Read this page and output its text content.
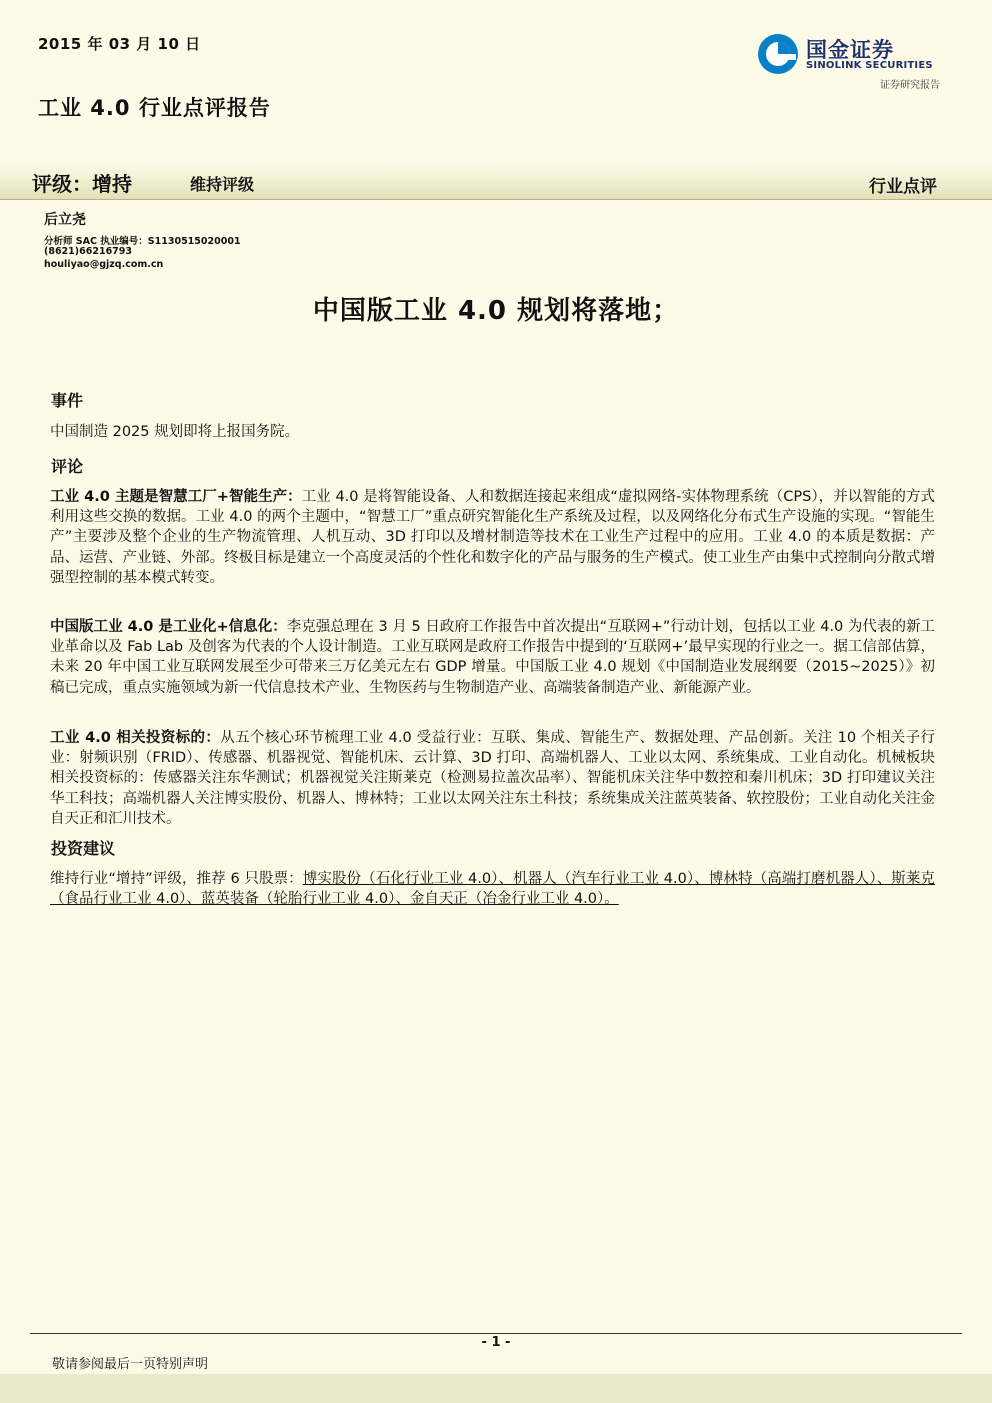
2015 年 03 月 10 日	国金证券
SINOLINK SECURITIES
证券研究报告
工业 4.0 行业点评报告
评级：增持	维持评级	行业点评
后立尧
分析师 SAC 执业编号：S1130515020001
(8621)66216793
houliyao@gjzq.com.cn
中国版工业 4.0 规划将落地；
事件
中国制造 2025 规划即将上报国务院。
评论
工业 4.0 主题是智慧工厂+智能生产：工业 4.0 是将智能设备、人和数据连接起来组成“虚拟网络-实体物理系统（CPS），并以智能的方式利用这些交换的数据。工业 4.0 的两个主题中，“智慧工厂”重点研究智能化生产系统及过程，以及网络化分布式生产设施的实现。“智能生产”主要涉及整个企业的生产物流管理、人机互动、3D 打印以及增材制造等技术在工业生产过程中的应用。工业 4.0 的本质是数据：产品、运营、产业链、外部。终极目标是建立一个高度灵活的个性化和数字化的产品与服务的生产模式。使工业生产由集中式控制向分散式增强型控制的基本模式转变。
中国版工业 4.0 是工业化+信息化：李克强总理在 3 月 5 日政府工作报告中首次提出“互联网+”行动计划，包括以工业 4.0 为代表的新工业革命以及 Fab Lab 及创客为代表的个人设计制造。工业互联网是政府工作报告中提到的‘互联网+’最早实现的行业之一。据工信部估算，未来 20 年中国工业互联网发展至少可带来三万亿美元左右 GDP 增量。中国版工业 4.0 规划《中国制造业发展纲要（2015~2025）》初稿已完成，重点实施领域为新一代信息技术产业、生物医药与生物制造产业、高端装备制造产业、新能源产业。
工业 4.0 相关投资标的：从五个核心环节梳理工业 4.0 受益行业：互联、集成、智能生产、数据处理、产品创新。关注 10 个相关子行业：射频识别（FRID）、传感器、机器视觉、智能机床、云计算、3D 打印、高端机器人、工业以太网、系统集成、工业自动化。机械板块相关投资标的：传感器关注东华测试；机器视觉关注斯莱克（检测易拉盖次品率）、智能机床关注华中数控和秦川机床；3D 打印建议关注华工科技；高端机器人关注博实股份、机器人、博林特；工业以太网关注东土科技；系统集成关注蓝英装备、软控股份；工业自动化关注金自天正和汇川技术。
投资建议
维持行业“增持”评级，推荐 6 只股票：博实股份（石化行业工业 4.0）、机器人（汽车行业工业 4.0）、博林特（高端打磨机器人）、斯莱克（食品行业工业 4.0）、蓝英装备（轮胎行业工业 4.0）、金自天正（冶金行业工业 4.0）。
- 1 -
敬请参阅最后一页特别声明
